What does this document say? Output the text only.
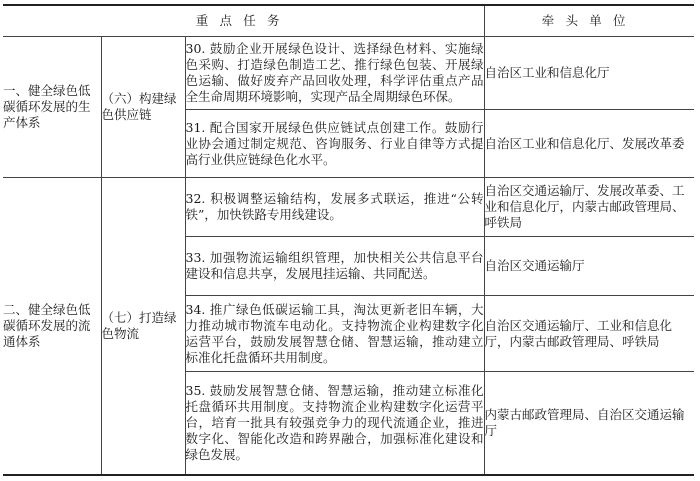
重点任务			牵头单位
一、健全绿色低碳循环发展的生产体系	（六）构建绿色供应链	30. 鼓励企业开展绿色设计、选择绿色材料、实施绿色采购、打造绿色制造工艺、推行绿色包装、开展绿色运输、做好废弃产品回收处理，科学评估重点产品全生命周期环境影响，实现产品全周期绿色环保。	自治区工业和信息化厅
		31. 配合国家开展绿色供应链试点创建工作。鼓励行业协会通过制定规范、咨询服务、行业自律等方式提高行业供应链绿色化水平。	自治区工业和信息化厅、发展改革委
二、健全绿色低碳循环发展的流通体系	（七）打造绿色物流	32. 积极调整运输结构，发展多式联运，推进“公转铁”，加快铁路专用线建设。	自治区交通运输厅、发展改革委、工业和信息化厅，内蒙古邮政管理局、呼铁局
		33. 加强物流运输组织管理，加快相关公共信息平台建设和信息共享，发展甩挂运输、共同配送。	自治区交通运输厅
		34. 推广绿色低碳运输工具，淘汰更新老旧车辆，大力推动城市物流车电动化。支持物流企业构建数字化运营平台，鼓励发展智慧仓储、智慧运输，推动建立标准化托盘循环共用制度。	自治区交通运输厅、工业和信息化厅，内蒙古邮政管理局、呼铁局
		35. 鼓励发展智慧仓储、智慧运输，推动建立标准化托盘循环共用制度。支持物流企业构建数字化运营平台，培育一批具有较强竞争力的现代流通企业，推进数字化、智能化改造和跨界融合，加强标准化建设和绿色发展。	内蒙古邮政管理局、自治区交通运输厅
